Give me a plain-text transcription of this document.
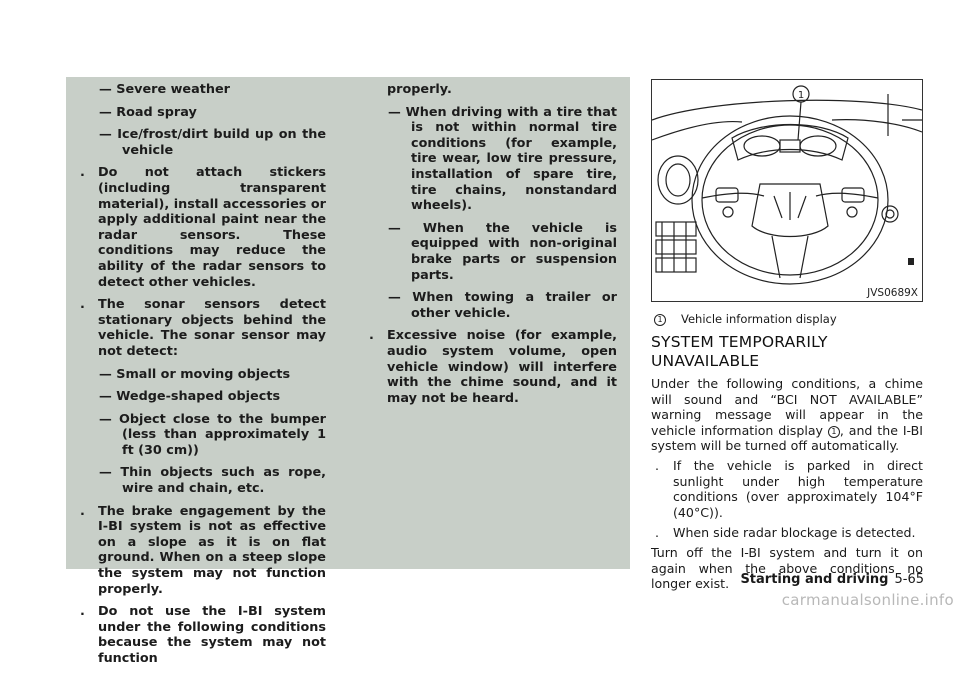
— Severe weather
— Road spray
— Ice/frost/dirt build up on the vehicle
. Do not attach stickers (including transparent material), install accessories or apply additional paint near the radar sensors. These conditions may reduce the ability of the radar sensors to detect other vehicles.
. The sonar sensors detect stationary objects behind the vehicle. The sonar sensor may not detect:
— Small or moving objects
— Wedge-shaped objects
— Object close to the bumper (less than approximately 1 ft (30 cm))
— Thin objects such as rope, wire and chain, etc.
. The brake engagement by the I-BI system is not as effective on a slope as it is on flat ground. When on a steep slope the system may not function properly.
. Do not use the I-BI system under the following conditions because the system may not function
properly.
— When driving with a tire that is not within normal tire conditions (for example, tire wear, low tire pressure, installation of spare tire, tire chains, nonstandard wheels).
— When the vehicle is equipped with non-original brake parts or suspension parts.
— When towing a trailer or other vehicle.
. Excessive noise (for example, audio system volume, open vehicle window) will interfere with the chime sound, and it may not be heard.
1
JVS0689X
1	Vehicle information display
SYSTEM TEMPORARILY UNAVAILABLE
Under the following conditions, a chime will sound and “BCI NOT AVAILABLE” warning message will appear in the vehicle information display 1 , and the I-BI system will be turned off automatically.
. If the vehicle is parked in direct sunlight under high temperature conditions (over approximately 104°F (40°C)).
. When side radar blockage is detected.
Turn off the I-BI system and turn it on again when the above conditions no longer exist. Starting and driving 5-65
carmanualsonline.info
